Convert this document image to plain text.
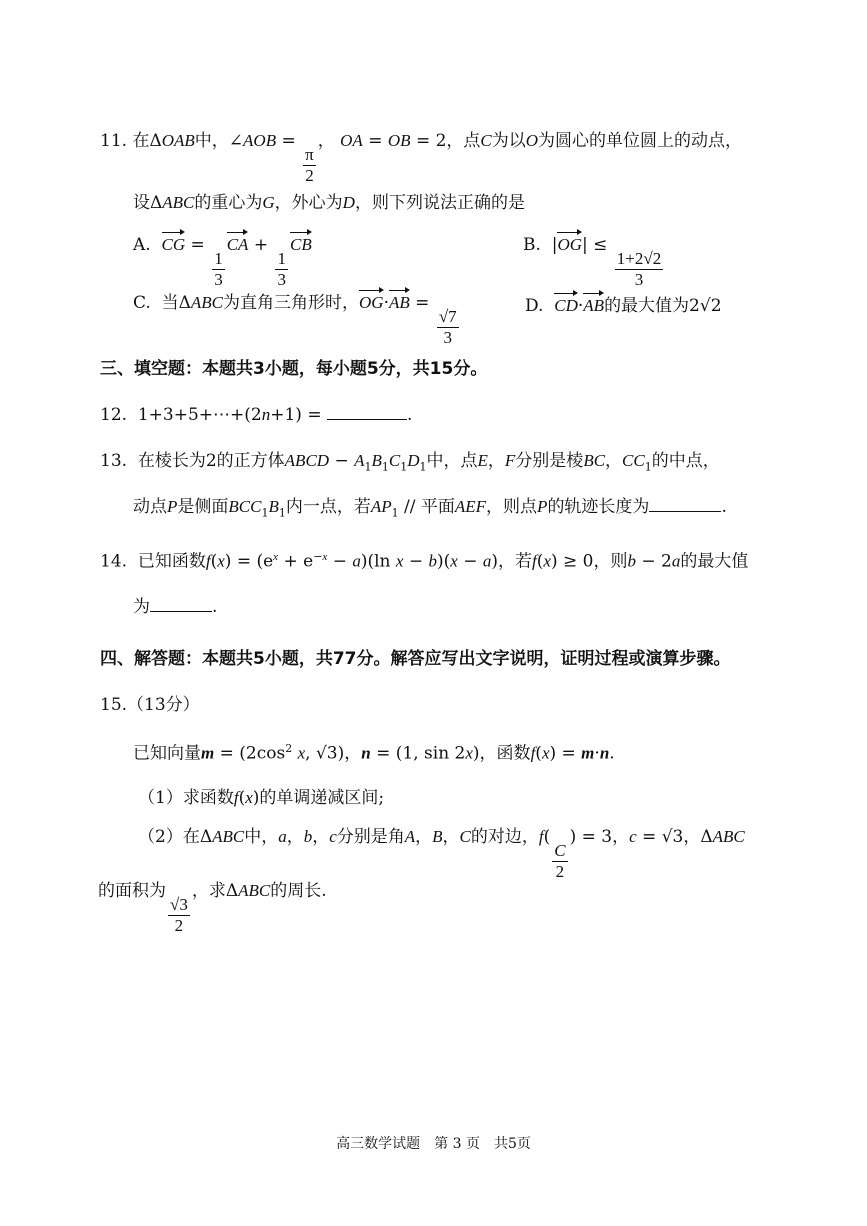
11. 在ΔOAB中，∠AOB =
$\frac{\pi}{2}$
， OA = OB = 2，点C为以O为圆心的单位圆上的动点，
设ΔABC的重心为G，外心为D，则下列说法正确的是
A.  CG =
$\frac{1}{3}$
CA +
$\frac{1}{3}$
CB	B.  |OG| ≤
$\frac{1+2√2}{3}$
C.  当ΔABC为直角三角形时，OG·AB =
$\frac{√7}{3}$
D.  CD·AB的最大值为2√2
三、填空题：本题共3小题，每小题5分，共15分。
12.  1+3+5+⋯+(2n+1) =	.
13.  在棱长为2的正方体ABCD − $A_1B_1C_1D_1$中，点E，F分别是棱BC，$CC_1$的中点，
动点P是侧面$BCC_1B_1$内一点，若$AP_1$ // 平面AEF，则点P的轨迹长度为	.
14.  已知函数$f(x) = (e^x + e^{-x} - a)(\ln$ x − b)(x − a)，若f(x) ≥ 0，则b − 2a的最大值
为	.
四、解答题：本题共5小题，共77分。解答应写出文字说明，证明过程或演算步骤。
15.（13分）
已知向量$m = (2\cos^2$ x, √3)，n = (1, sin 2x)，函数f(x) = m·n.
（1）求函数f(x)的单调递减区间;
（2）在ΔABC中，a，b，c分别是角A，B，C的对边，f(
$\frac{C}{2}$
) = 3，c = √3，ΔABC
的面积为
$\frac{√3}{2}$
，求ΔABC的周长.
高三数学试题　第 3 页　共5页
